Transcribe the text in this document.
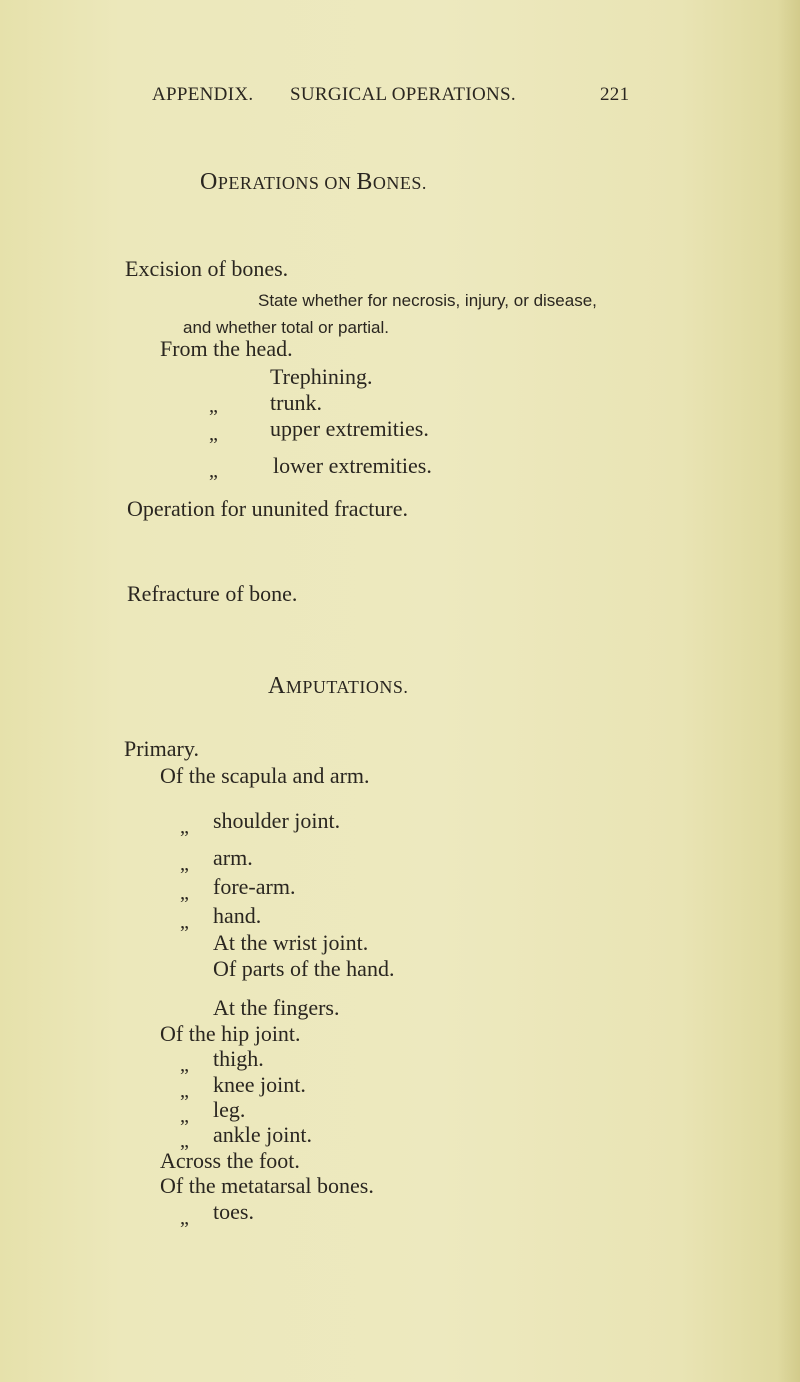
APPENDIX. SURGICAL OPERATIONS.	221
OPERATIONS ON BONES.
Excision of bones.
State whether for necrosis, injury, or disease,
and whether total or partial.
From the head.
Trephining.
„ trunk.
„ upper extremities.
„	lower extremities.
Operation for ununited fracture.
Refracture of bone.
AMPUTATIONS.
Primary.
Of the scapula and arm.
„ shoulder joint.
„ arm.
„ fore-arm.
„ hand.
At the wrist joint.
Of parts of the hand.
At the fingers.
Of the hip joint.
„ thigh.
„ knee joint.
„ leg.
„ ankle joint.
Across the foot.
Of the metatarsal bones.
„ toes.
